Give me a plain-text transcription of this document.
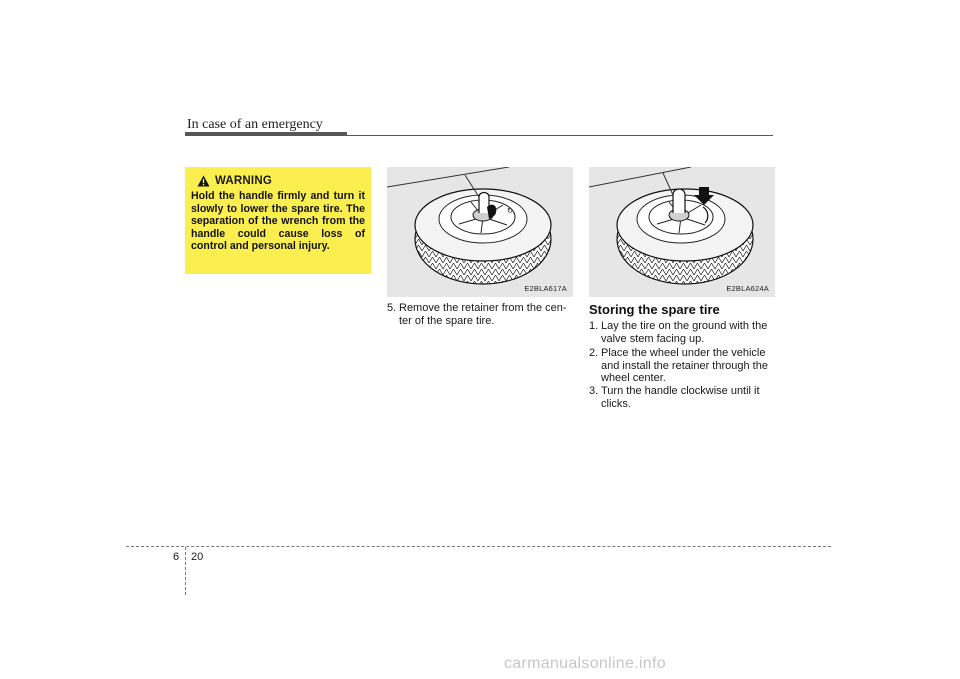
In case of an emergency
WARNING
Hold the handle firmly and turn it slowly to lower the spare tire. The separation of the wrench from the handle could cause loss of control and personal injury.
↻
E2BLA617A	E2BLA624A
5. Remove the retainer from the cen- ter of the spare tire.
Storing the spare tire
1. Lay the tire on the ground with the valve stem facing up.
2. Place the wheel under the vehicle and install the retainer through the wheel center.
3. Turn the handle clockwise until it clicks.
6 20
carmanualsonline.info
